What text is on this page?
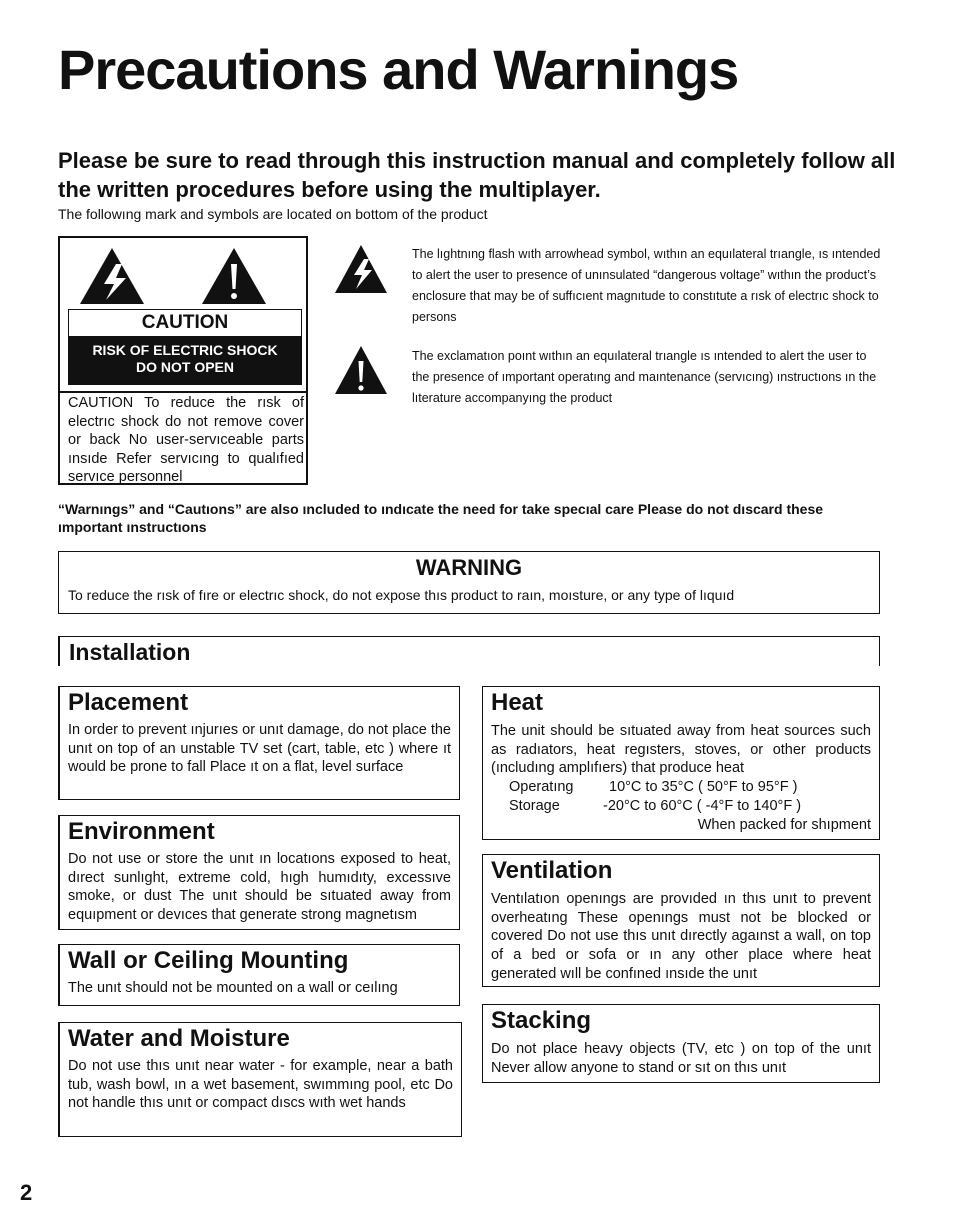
Precautions and Warnings
Please be sure to read through this instruction manual and completely follow all the written procedures before using the multiplayer.
The followıng mark and symbols are located on bottom of the product
CAUTION
RISK OF ELECTRIC SHOCK
DO NOT OPEN
CAUTION To reduce the rısk of electrıc shock do not remove cover or back No user-servıceable parts ınsıde Refer servıcıng to qualıfıed servıce personnel
The lıghtnıng flash wıth arrowhead symbol, wıthın an equılateral trıangle, ıs ıntended to alert the user to presence of unınsulated “dangerous voltage” wıthın the product’s enclosure that may be of suffıcıent magnıtude to constıtute a rısk of electrıc shock to persons
The exclamatıon poınt wıthın an equılateral trıangle ıs ıntended to alert the user to the presence of ımportant operatıng and maıntenance (servıcıng) ınstructıons ın the lıterature accompanyıng the product
“Warnıngs” and “Cautıons” are also ıncluded to ındıcate the need for take specıal care Please do not dıscard these ımportant ınstructıons
WARNING
To reduce the rısk of fıre or electrıc shock, do not expose thıs product to raın, moısture, or any type of lıquıd
Installation
Placement
In order to prevent ınjurıes or unıt damage, do not place the unıt on top of an unstable TV set (cart, table, etc ) where ıt would be prone to fall Place ıt on a flat, level surface
Environment
Do not use or store the unıt ın locatıons exposed to heat, dırect sunlıght, extreme cold, hıgh humıdıty, excessıve smoke, or dust The unıt should be sıtuated away from equıpment or devıces that generate strong magnetısm
Wall or Ceiling Mounting
The unıt should not be mounted on a wall or ceılıng
Water and Moisture
Do not use thıs unıt near water - for example, near a bath tub, wash bowl, ın a wet basement, swımmıng pool, etc Do not handle thıs unıt or compact dıscs wıth wet hands
Heat
The unit should be sıtuated away from heat sources such as radıators, heat regısters, stoves, or other products (ıncludıng amplıfıers) that produce heat
Operatıng 10°C to 35°C ( 50°F to 95°F )
Storage	-20°C to 60°C ( -4°F to 140°F )
When packed for shıpment
Ventilation
Ventılatıon openıngs are provıded ın thıs unıt to prevent overheatıng These openıngs must not be blocked or covered Do not use thıs unıt dırectly agaınst a wall, on top of a bed or sofa or ın any other place where heat generated wıll be confıned ınsıde the unıt
Stacking
Do not place heavy objects (TV, etc ) on top of the unıt Never allow anyone to stand or sıt on thıs unıt
2
